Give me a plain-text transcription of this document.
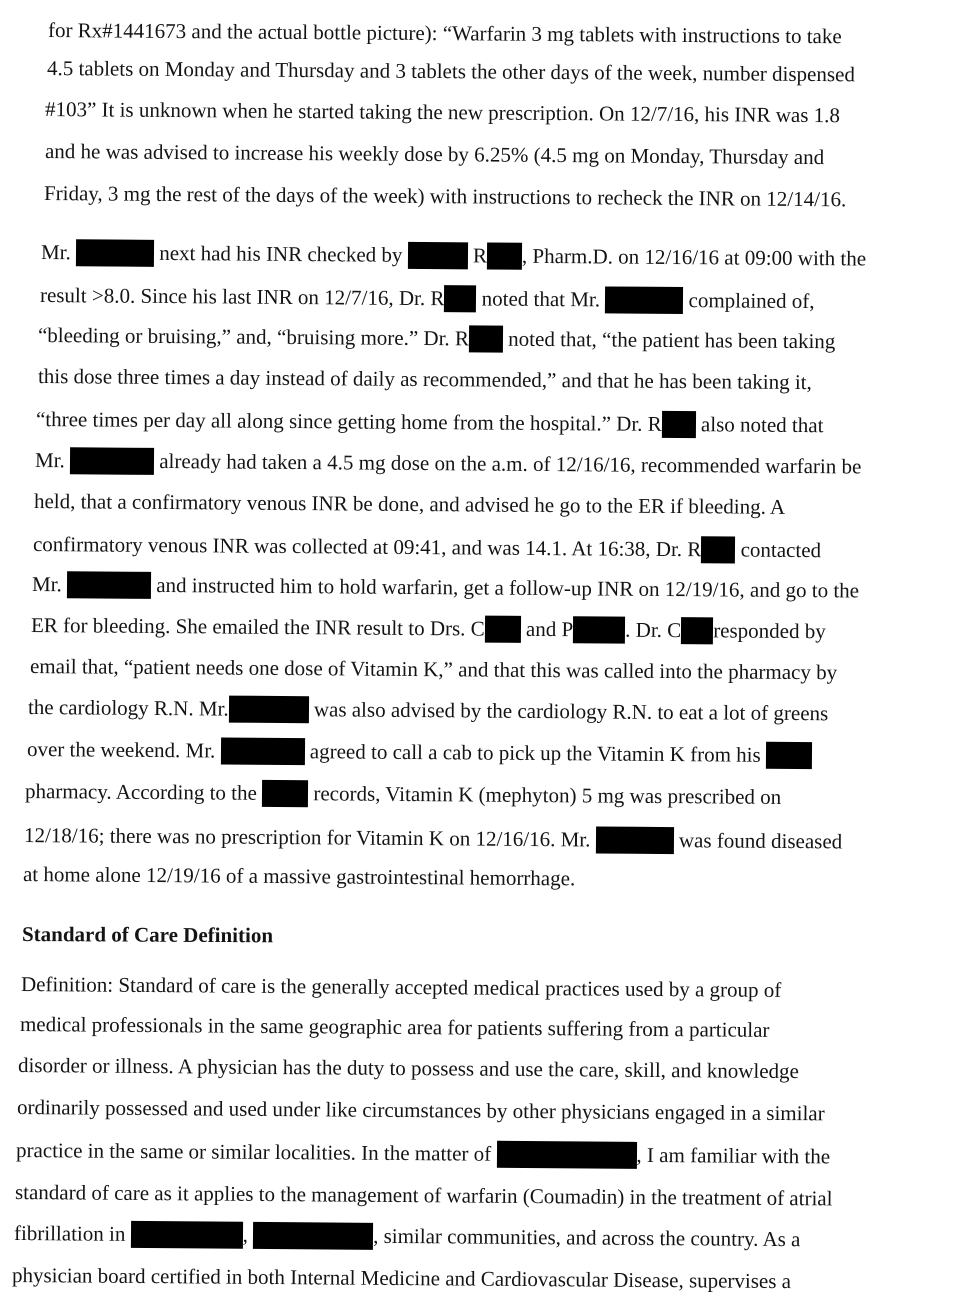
for Rx#1441673 and the actual bottle picture): “Warfarin 3 mg tablets with instructions to take
4.5 tablets on Monday and Thursday and 3 tablets the other days of the week, number dispensed
#103” It is unknown when he started taking the new prescription. On 12/7/16, his INR was 1.8
and he was advised to increase his weekly dose by 6.25% (4.5 mg on Monday, Thursday and
Friday, 3 mg the rest of the days of the week) with instructions to recheck the INR on 12/14/16.
Mr.	next had his INR checked by	R , Pharm.D. on 12/16/16 at 09:00 with the
result >8.0. Since his last INR on 12/7/16, Dr. R noted that Mr.	complained of,
“bleeding or bruising,” and, “bruising more.” Dr. R noted that, “the patient has been taking
this dose three times a day instead of daily as recommended,” and that he has been taking it,
“three times per day all along since getting home from the hospital.” Dr. R also noted that
Mr.	already had taken a 4.5 mg dose on the a.m. of 12/16/16, recommended warfarin be
held, that a confirmatory venous INR be done, and advised he go to the ER if bleeding. A
confirmatory venous INR was collected at 09:41, and was 14.1. At 16:38, Dr. R contacted
Mr.	and instructed him to hold warfarin, get a follow-up INR on 12/19/16, and go to the
ER for bleeding. She emailed the INR result to Drs. C and P . Dr. C responded by
email that, “patient needs one dose of Vitamin K,” and that this was called into the pharmacy by
the cardiology R.N. Mr.	was also advised by the cardiology R.N. to eat a lot of greens
over the weekend. Mr.	agreed to call a cab to pick up the Vitamin K from his
pharmacy. According to the	records, Vitamin K (mephyton) 5 mg was prescribed on
12/18/16; there was no prescription for Vitamin K on 12/16/16. Mr.	was found diseased
at home alone 12/19/16 of a massive gastrointestinal hemorrhage.
Standard of Care Definition
Definition: Standard of care is the generally accepted medical practices used by a group of
medical professionals in the same geographic area for patients suffering from a particular
disorder or illness. A physician has the duty to possess and use the care, skill, and knowledge
ordinarily possessed and used under like circumstances by other physicians engaged in a similar
practice in the same or similar localities. In the matter of	, I am familiar with the
standard of care as it applies to the management of warfarin (Coumadin) in the treatment of atrial
fibrillation in	,	, similar communities, and across the country. As a
physician board certified in both Internal Medicine and Cardiovascular Disease, supervises a
